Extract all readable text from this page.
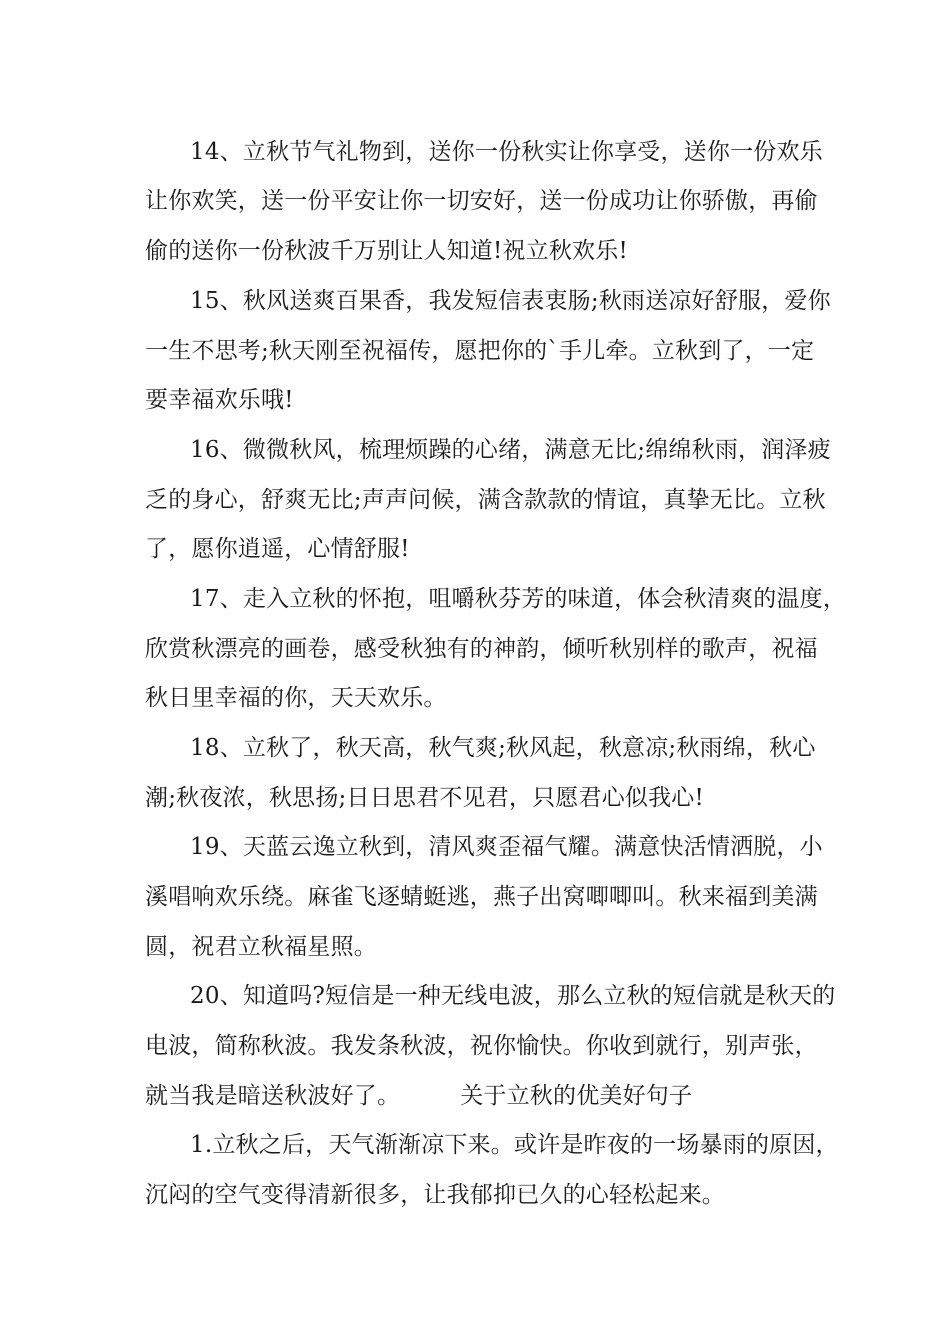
14、立秋节气礼物到，送你一份秋实让你享受，送你一份欢乐
让你欢笑，送一份平安让你一切安好，送一份成功让你骄傲，再偷
偷的送你一份秋波千万别让人知道!祝立秋欢乐!
15、秋风送爽百果香，我发短信表衷肠;秋雨送凉好舒服，爱你
一生不思考;秋天刚至祝福传，愿把你的`手儿牵。立秋到了，一定
要幸福欢乐哦!
16、微微秋风，梳理烦躁的心绪，满意无比;绵绵秋雨，润泽疲
乏的身心，舒爽无比;声声问候，满含款款的情谊，真挚无比。立秋
了，愿你逍遥，心情舒服!
17、走入立秋的怀抱，咀嚼秋芬芳的味道，体会秋清爽的温度，
欣赏秋漂亮的画卷，感受秋独有的神韵，倾听秋别样的歌声，祝福
秋日里幸福的你，天天欢乐。
18、立秋了，秋天高，秋气爽;秋风起，秋意凉;秋雨绵，秋心
潮;秋夜浓，秋思扬;日日思君不见君，只愿君心似我心!
19、天蓝云逸立秋到，清风爽歪福气耀。满意快活情洒脱，小
溪唱响欢乐绕。麻雀飞逐蜻蜓逃，燕子出窝唧唧叫。秋来福到美满
圆，祝君立秋福星照。
20、知道吗?短信是一种无线电波，那么立秋的短信就是秋天的
电波，简称秋波。我发条秋波，祝你愉快。你收到就行，别声张，
就当我是暗送秋波好了。	关于立秋的优美好句子
1.立秋之后，天气渐渐凉下来。或许是昨夜的一场暴雨的原因，
沉闷的空气变得清新很多，让我郁抑已久的心轻松起来。
